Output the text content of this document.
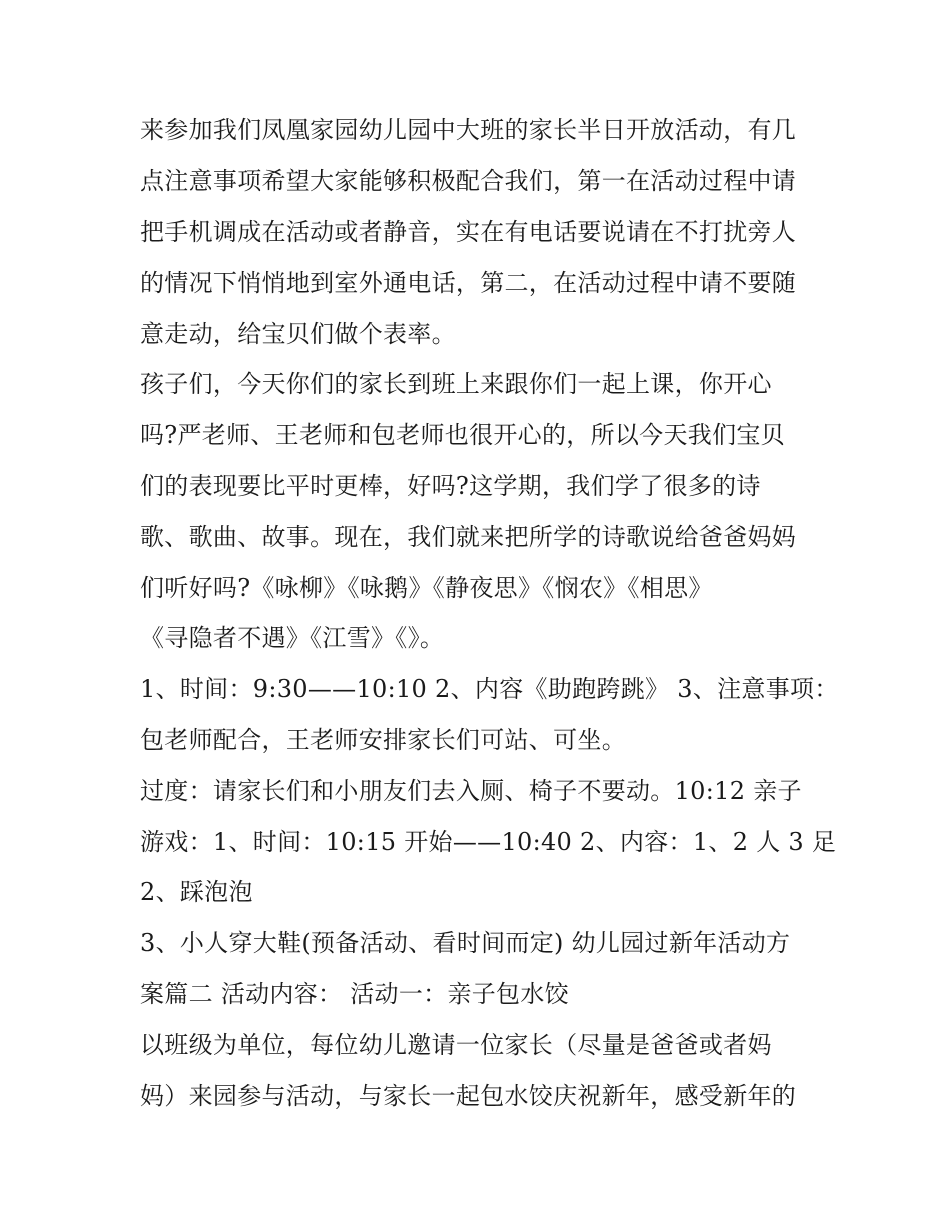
来参加我们凤凰家园幼儿园中大班的家长半日开放活动，有几
点注意事项希望大家能够积极配合我们，第一在活动过程中请
把手机调成在活动或者静音，实在有电话要说请在不打扰旁人
的情况下悄悄地到室外通电话，第二，在活动过程中请不要随
意走动，给宝贝们做个表率。
孩子们，今天你们的家长到班上来跟你们一起上课，你开心
吗?严老师、王老师和包老师也很开心的，所以今天我们宝贝
们的表现要比平时更棒，好吗?这学期，我们学了很多的诗
歌、歌曲、故事。现在，我们就来把所学的诗歌说给爸爸妈妈
们听好吗?《咏柳》《咏鹅》《静夜思》《悯农》《相思》
《寻隐者不遇》《江雪》《》。
1、时间：9:30——10:10 2、内容《助跑跨跳》 3、注意事项：
包老师配合，王老师安排家长们可站、可坐。
过度：请家长们和小朋友们去入厕、椅子不要动。10:12 亲子
游戏：1、时间：10:15 开始——10:40 2、内容：1、2 人 3 足
2、踩泡泡
3、小人穿大鞋(预备活动、看时间而定) 幼儿园过新年活动方
案篇二 活动内容： 活动一：亲子包水饺
以班级为单位，每位幼儿邀请一位家长（尽量是爸爸或者妈
妈）来园参与活动，与家长一起包水饺庆祝新年，感受新年的
